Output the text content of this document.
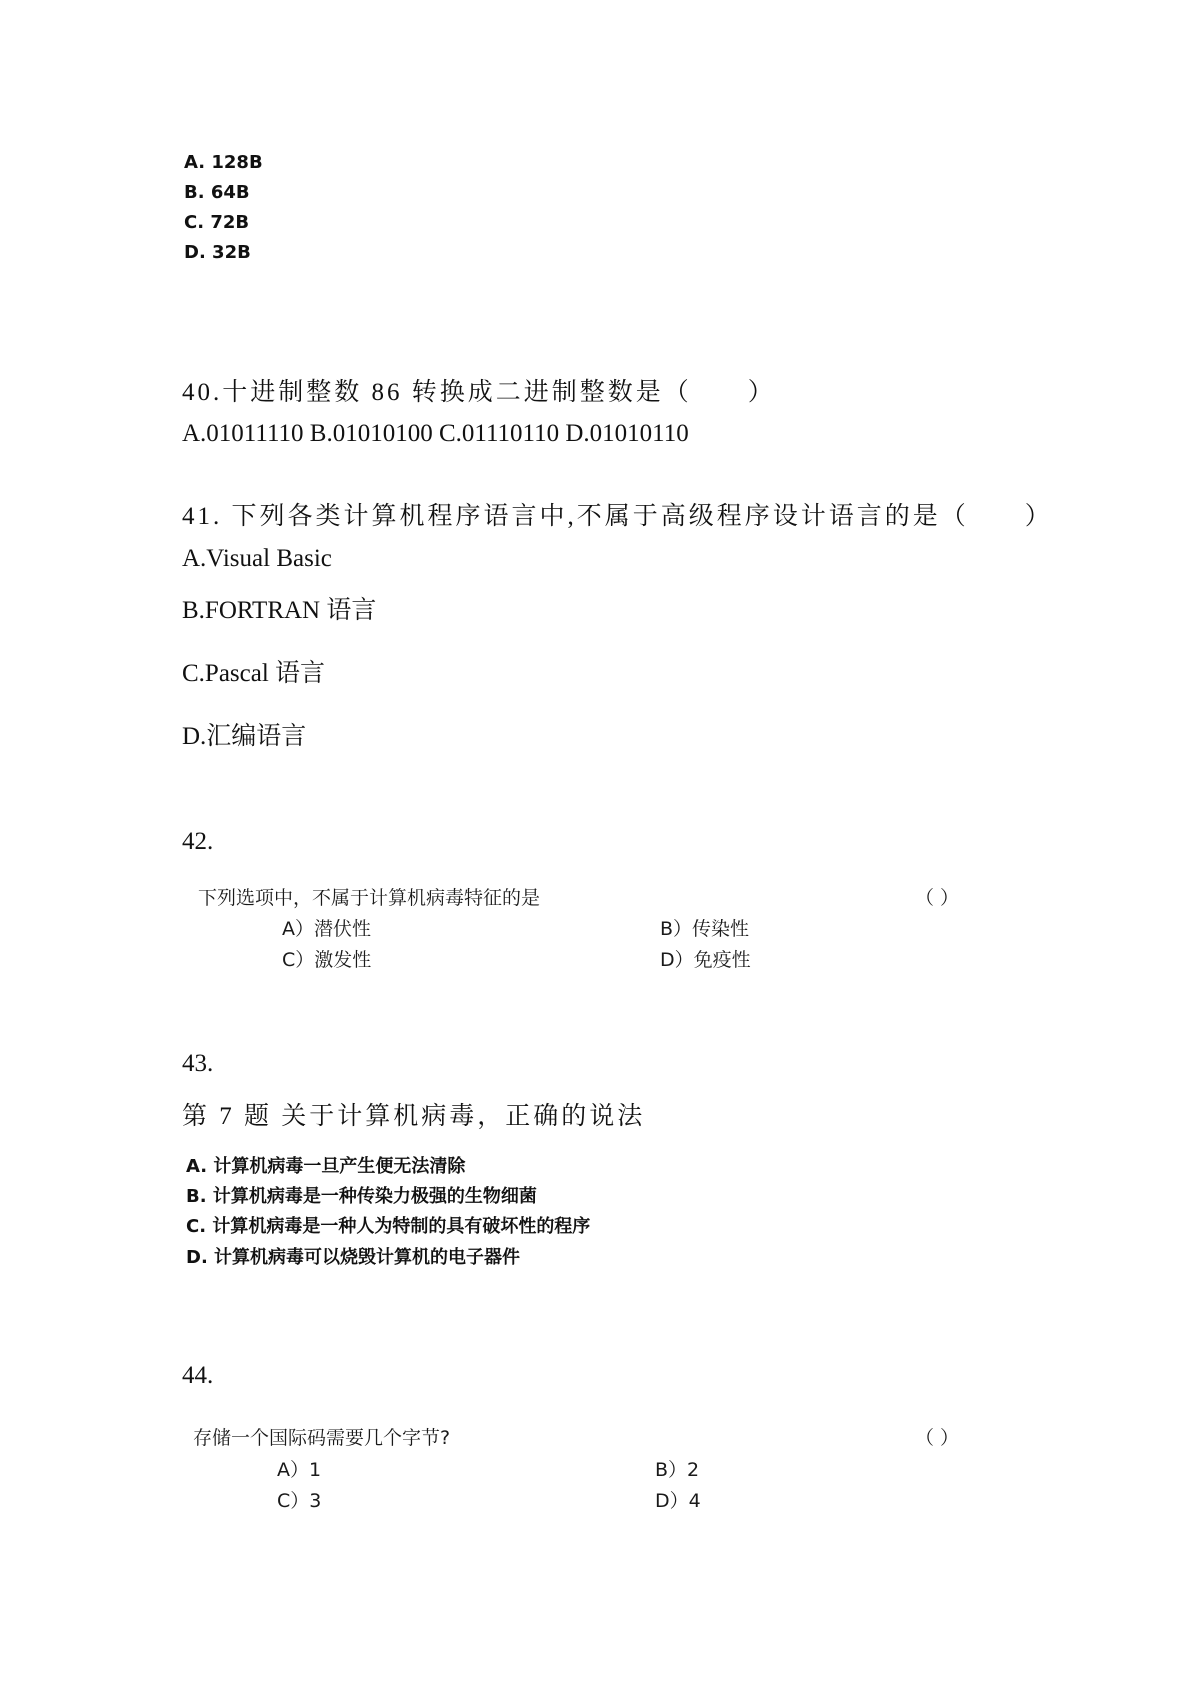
A. 128B
B. 64B
C. 72B
D. 32B
40.十进制整数 86 转换成二进制整数是（　　）
A.01011110 B.01010100 C.01110110 D.01010110
41. 下列各类计算机程序语言中,不属于高级程序设计语言的是（　　）
A.Visual Basic
B.FORTRAN 语言
C.Pascal 语言
D.汇编语言
42.
下列选项中，不属于计算机病毒特征的是	（ ）
A）潜伏性	B）传染性
C）激发性	D）免疫性
43.
第 7 题 关于计算机病毒，正确的说法
A. 计算机病毒一旦产生便无法清除
B. 计算机病毒是一种传染力极强的生物细菌
C. 计算机病毒是一种人为特制的具有破坏性的程序
D. 计算机病毒可以烧毁计算机的电子器件
44.
存储一个国际码需要几个字节?	（ ）
A）1	B）2
C）3	D）4
